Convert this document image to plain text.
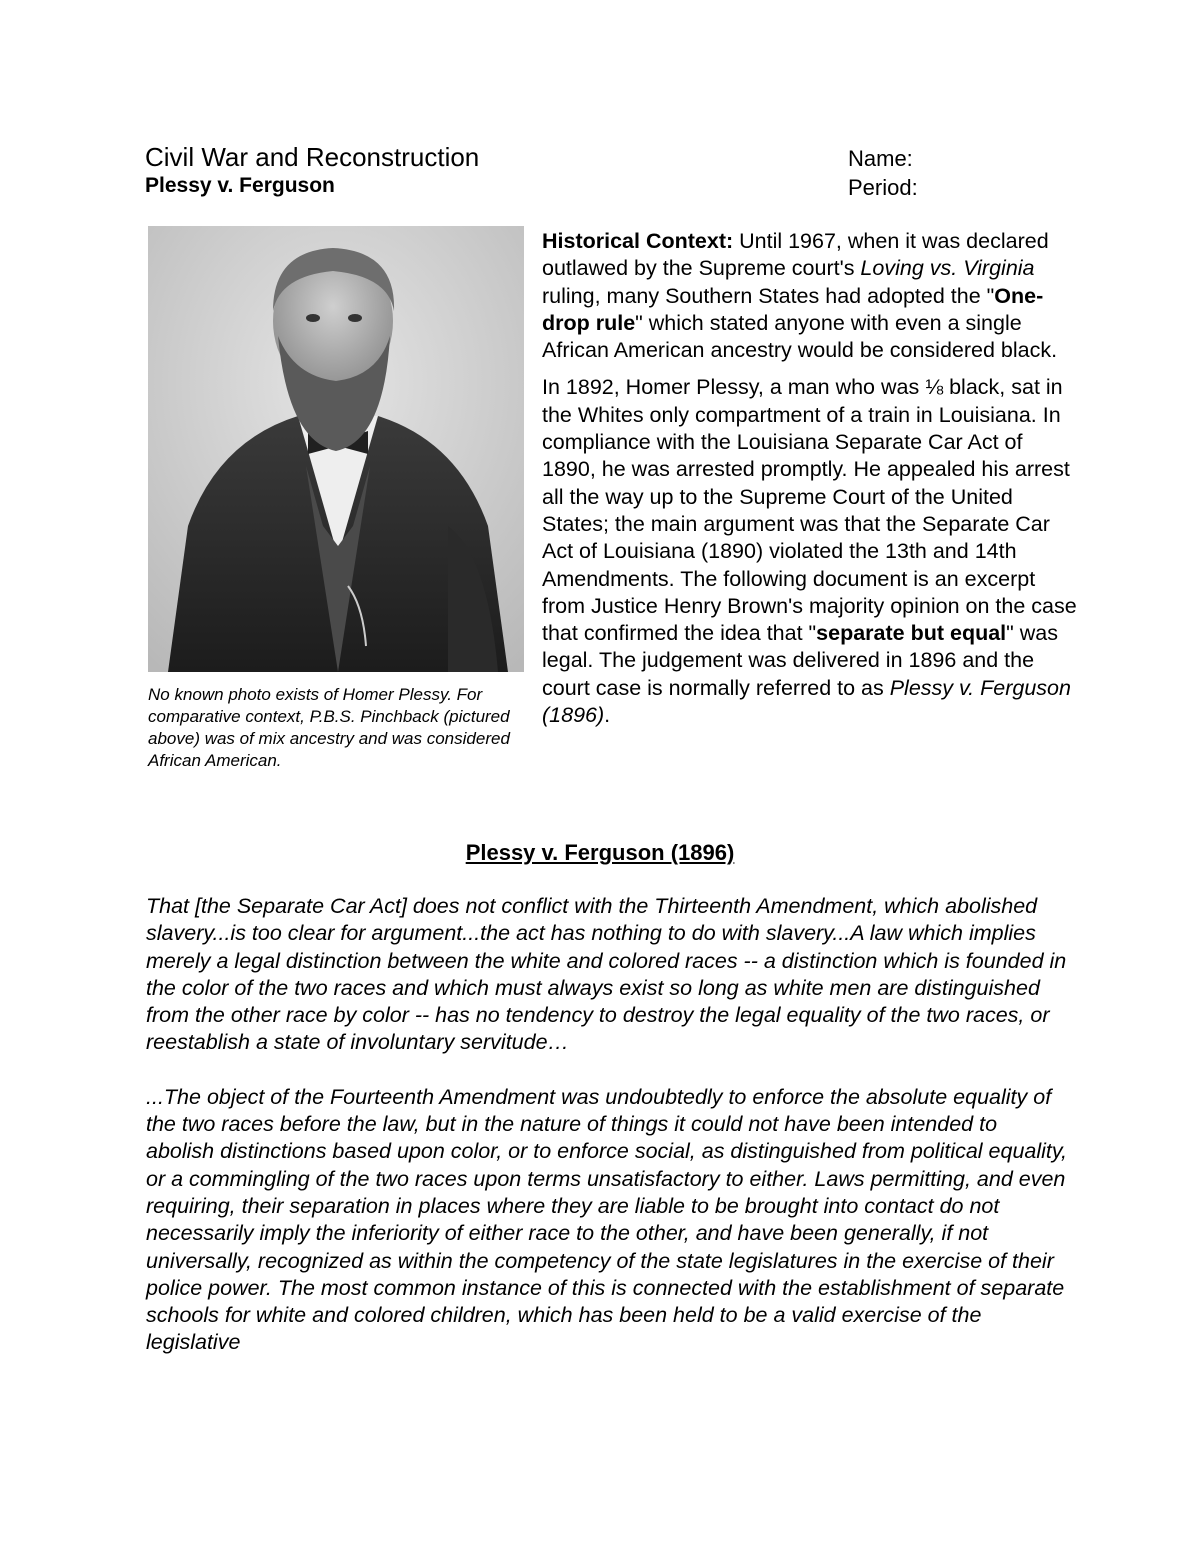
Civil War and Reconstruction
Plessy v. Ferguson
Name:
Period:
No known photo exists of Homer Plessy. For comparative context, P.B.S. Pinchback (pictured above) was of mix ancestry and was considered African American.

Historical Context: Until 1967, when it was declared outlawed by the Supreme court's Loving vs. Virginia ruling, many Southern States had adopted the "One-drop rule" which stated anyone with even a single African American ancestry would be considered black.

In 1892, Homer Plessy, a man who was ⅛ black, sat in the Whites only compartment of a train in Louisiana. In compliance with the Louisiana Separate Car Act of 1890, he was arrested promptly. He appealed his arrest all the way up to the Supreme Court of the United States; the main argument was that the Separate Car Act of Louisiana (1890) violated the 13th and 14th Amendments. The following document is an excerpt from Justice Henry Brown's majority opinion on the case that confirmed the idea that "separate but equal" was legal. The judgement was delivered in 1896 and the court case is normally referred to as Plessy v. Ferguson (1896).

Plessy v. Ferguson (1896)

That [the Separate Car Act] does not conflict with the Thirteenth Amendment, which abolished slavery...is too clear for argument...the act has nothing to do with slavery...A law which implies merely a legal distinction between the white and colored races -- a distinction which is founded in the color of the two races and which must always exist so long as white men are distinguished from the other race by color -- has no tendency to destroy the legal equality of the two races, or reestablish a state of involuntary servitude…

...The object of the Fourteenth Amendment was undoubtedly to enforce the absolute equality of the two races before the law, but in the nature of things it could not have been intended to abolish distinctions based upon color, or to enforce social, as distinguished from political equality, or a commingling of the two races upon terms unsatisfactory to either. Laws permitting, and even requiring, their separation in places where they are liable to be brought into contact do not necessarily imply the inferiority of either race to the other, and have been generally, if not universally, recognized as within the competency of the state legislatures in the exercise of their police power. The most common instance of this is connected with the establishment of separate schools for white and colored children, which has been held to be a valid exercise of the legislative
